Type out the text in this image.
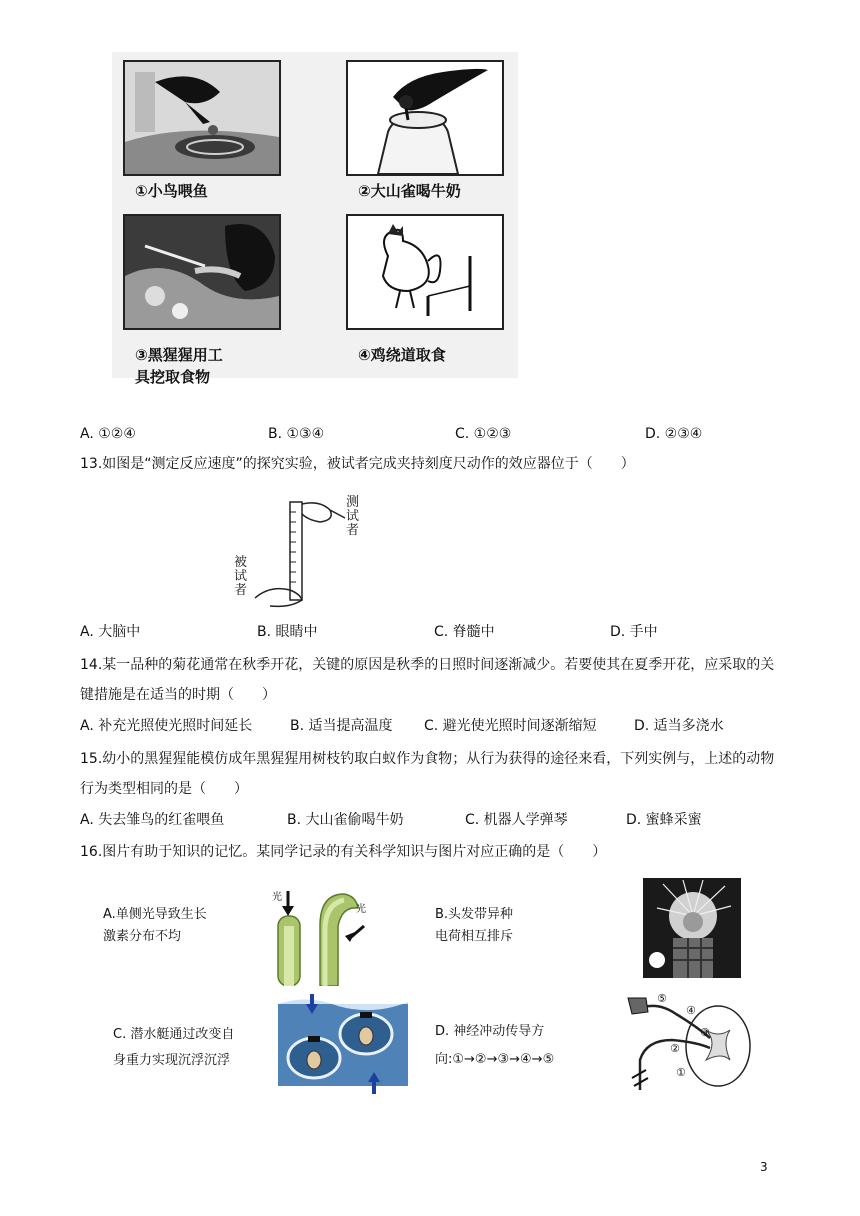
①小鸟喂鱼	②大山雀喝牛奶
③黑猩猩用工
具挖取食物
④鸡绕道取食
A. ①②④	B. ①③④	C. ①②③	D. ②③④
13.如图是“测定反应速度”的探究实验，被试者完成夹持刻度尺动作的效应器位于（　　）
测试者
被试者
A. 大脑中	B. 眼睛中	C. 脊髓中	D. 手中
14.某一品种的菊花通常在秋季开花，关键的原因是秋季的日照时间逐渐减少。若要使其在夏季开花，应采取的关键措施是在适当的时期（　　）
A. 补充光照使光照时间延长	B. 适当提高温度 C. 避光使光照时间逐渐缩短	D. 适当多浇水
15.幼小的黑猩猩能模仿成年黑猩猩用树枝钓取白蚁作为食物；从行为获得的途径来看，下列实例与，上述的动物行为类型相同的是（　　）
A. 失去雏鸟的红雀喂鱼	B. 大山雀偷喝牛奶	C. 机器人学弹琴	D. 蜜蜂采蜜
16.图片有助于知识的记忆。某同学记录的有关科学知识与图片对应正确的是（　　）
A.单侧光导致生长
激素分布不均
光
光	B.头发带异种
电荷相互排斥
C. 潜水艇通过改变自
身重力实现沉浮沉浮
D. 神经冲动传导方
向:①→②→③→④→⑤
⑤
④
③
②
①
3
